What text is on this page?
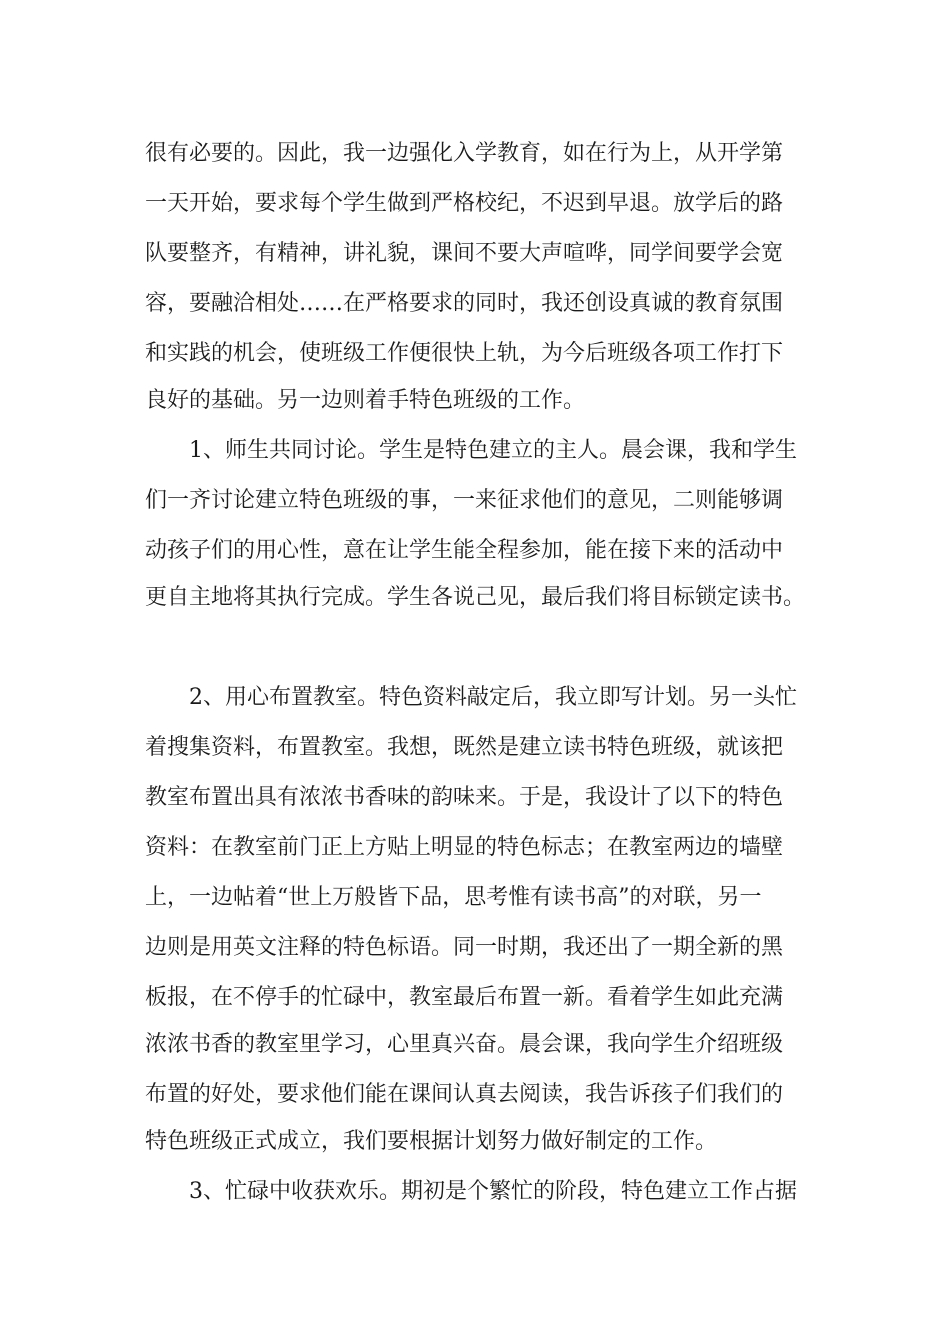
很有必要的。因此，我一边强化入学教育，如在行为上，从开学第
一天开始，要求每个学生做到严格校纪，不迟到早退。放学后的路
队要整齐，有精神，讲礼貌，课间不要大声喧哗，同学间要学会宽
容，要融洽相处……在严格要求的同时，我还创设真诚的教育氛围
和实践的机会，使班级工作便很快上轨，为今后班级各项工作打下
良好的基础。另一边则着手特色班级的工作。
1、师生共同讨论。学生是特色建立的主人。晨会课，我和学生
们一齐讨论建立特色班级的事，一来征求他们的意见，二则能够调
动孩子们的用心性，意在让学生能全程参加，能在接下来的活动中
更自主地将其执行完成。学生各说己见，最后我们将目标锁定读书。
2、用心布置教室。特色资料敲定后，我立即写计划。另一头忙
着搜集资料，布置教室。我想，既然是建立读书特色班级，就该把
教室布置出具有浓浓书香味的韵味来。于是，我设计了以下的特色
资料：在教室前门正上方贴上明显的特色标志；在教室两边的墙壁
上，一边帖着“世上万般皆下品，思考惟有读书高”的对联，另一
边则是用英文注释的特色标语。同一时期，我还出了一期全新的黑
板报，在不停手的忙碌中，教室最后布置一新。看着学生如此充满
浓浓书香的教室里学习，心里真兴奋。晨会课，我向学生介绍班级
布置的好处，要求他们能在课间认真去阅读，我告诉孩子们我们的
特色班级正式成立，我们要根据计划努力做好制定的工作。
3、忙碌中收获欢乐。期初是个繁忙的阶段，特色建立工作占据
